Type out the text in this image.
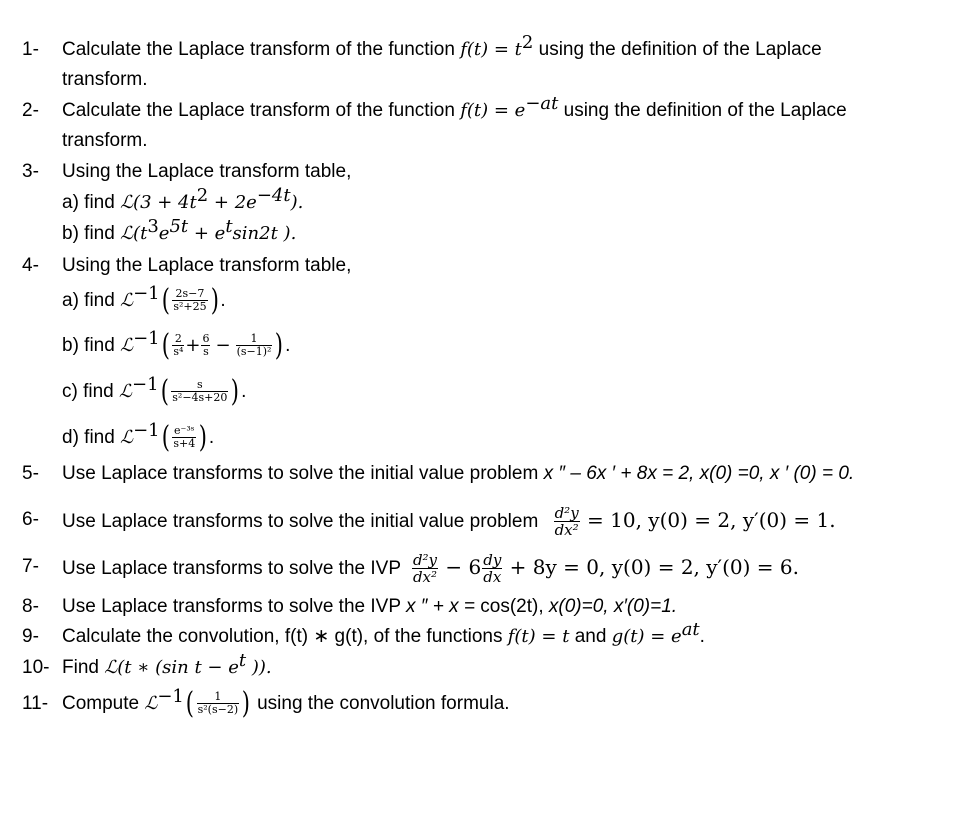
1- Calculate the Laplace transform of the function $f(t) = t^2$ using the definition of the Laplace
transform.
2- Calculate the Laplace transform of the function $f(t) = e^{-at}$ using the definition of the Laplace
transform.
3- Using the Laplace transform table,
a) find ℒ(3 + $4t^2 + 2e^{-4t}$).
b) find $ℒ(t^3e^{5t} + e^t\sin 2t$ ).
4- Using the Laplace transform table,
a) find ℒ$^{-1}$( $\frac{2s-7}{\text{s²+25}}$ ).
b) find ℒ$^{-1}$( $\frac{2}{\text{s⁴}} + \frac{6}{s} - \frac{1}{\text{(s−1)²}}$ ).
c) find ℒ$^{-1}$( $\frac{s}{\text{s²−4s+20}}$ ).
d) find ℒ$^{-1}$( $\frac{\text{e⁻³ˢ}}{s+4}$ ).
5- Use Laplace transforms to solve the initial value problem x ″ – 6x ′ + 8x = 2, x(0) =0, x ′ (0) = 0.
6- Use Laplace transforms to solve the initial value problem $\frac{\text{d²y}}{\text{dx²}} = 10$, y(0) = 2, y′(0) = 1.
7- Use Laplace transforms to solve the IVP $\frac{\text{d²y}}{\text{dx²}} - 6 \frac{dy}{dx} + 8y = 0$, y(0) = 2, y′(0) = 6.
8- Use Laplace transforms to solve the IVP x ″ + x = cos(2t), x(0)=0, x′(0)=1.
9- Calculate the convolution, f(t) ∗ g(t), of the functions f(t) = t and $g(t) = e^{at}$.
10- Find ℒ(t ∗ (sin $t - e^t$ )).
11- Compute ℒ$^{-1}$( $\frac{1}{\text{s²(s−2)}}$ ) using the convolution formula.
